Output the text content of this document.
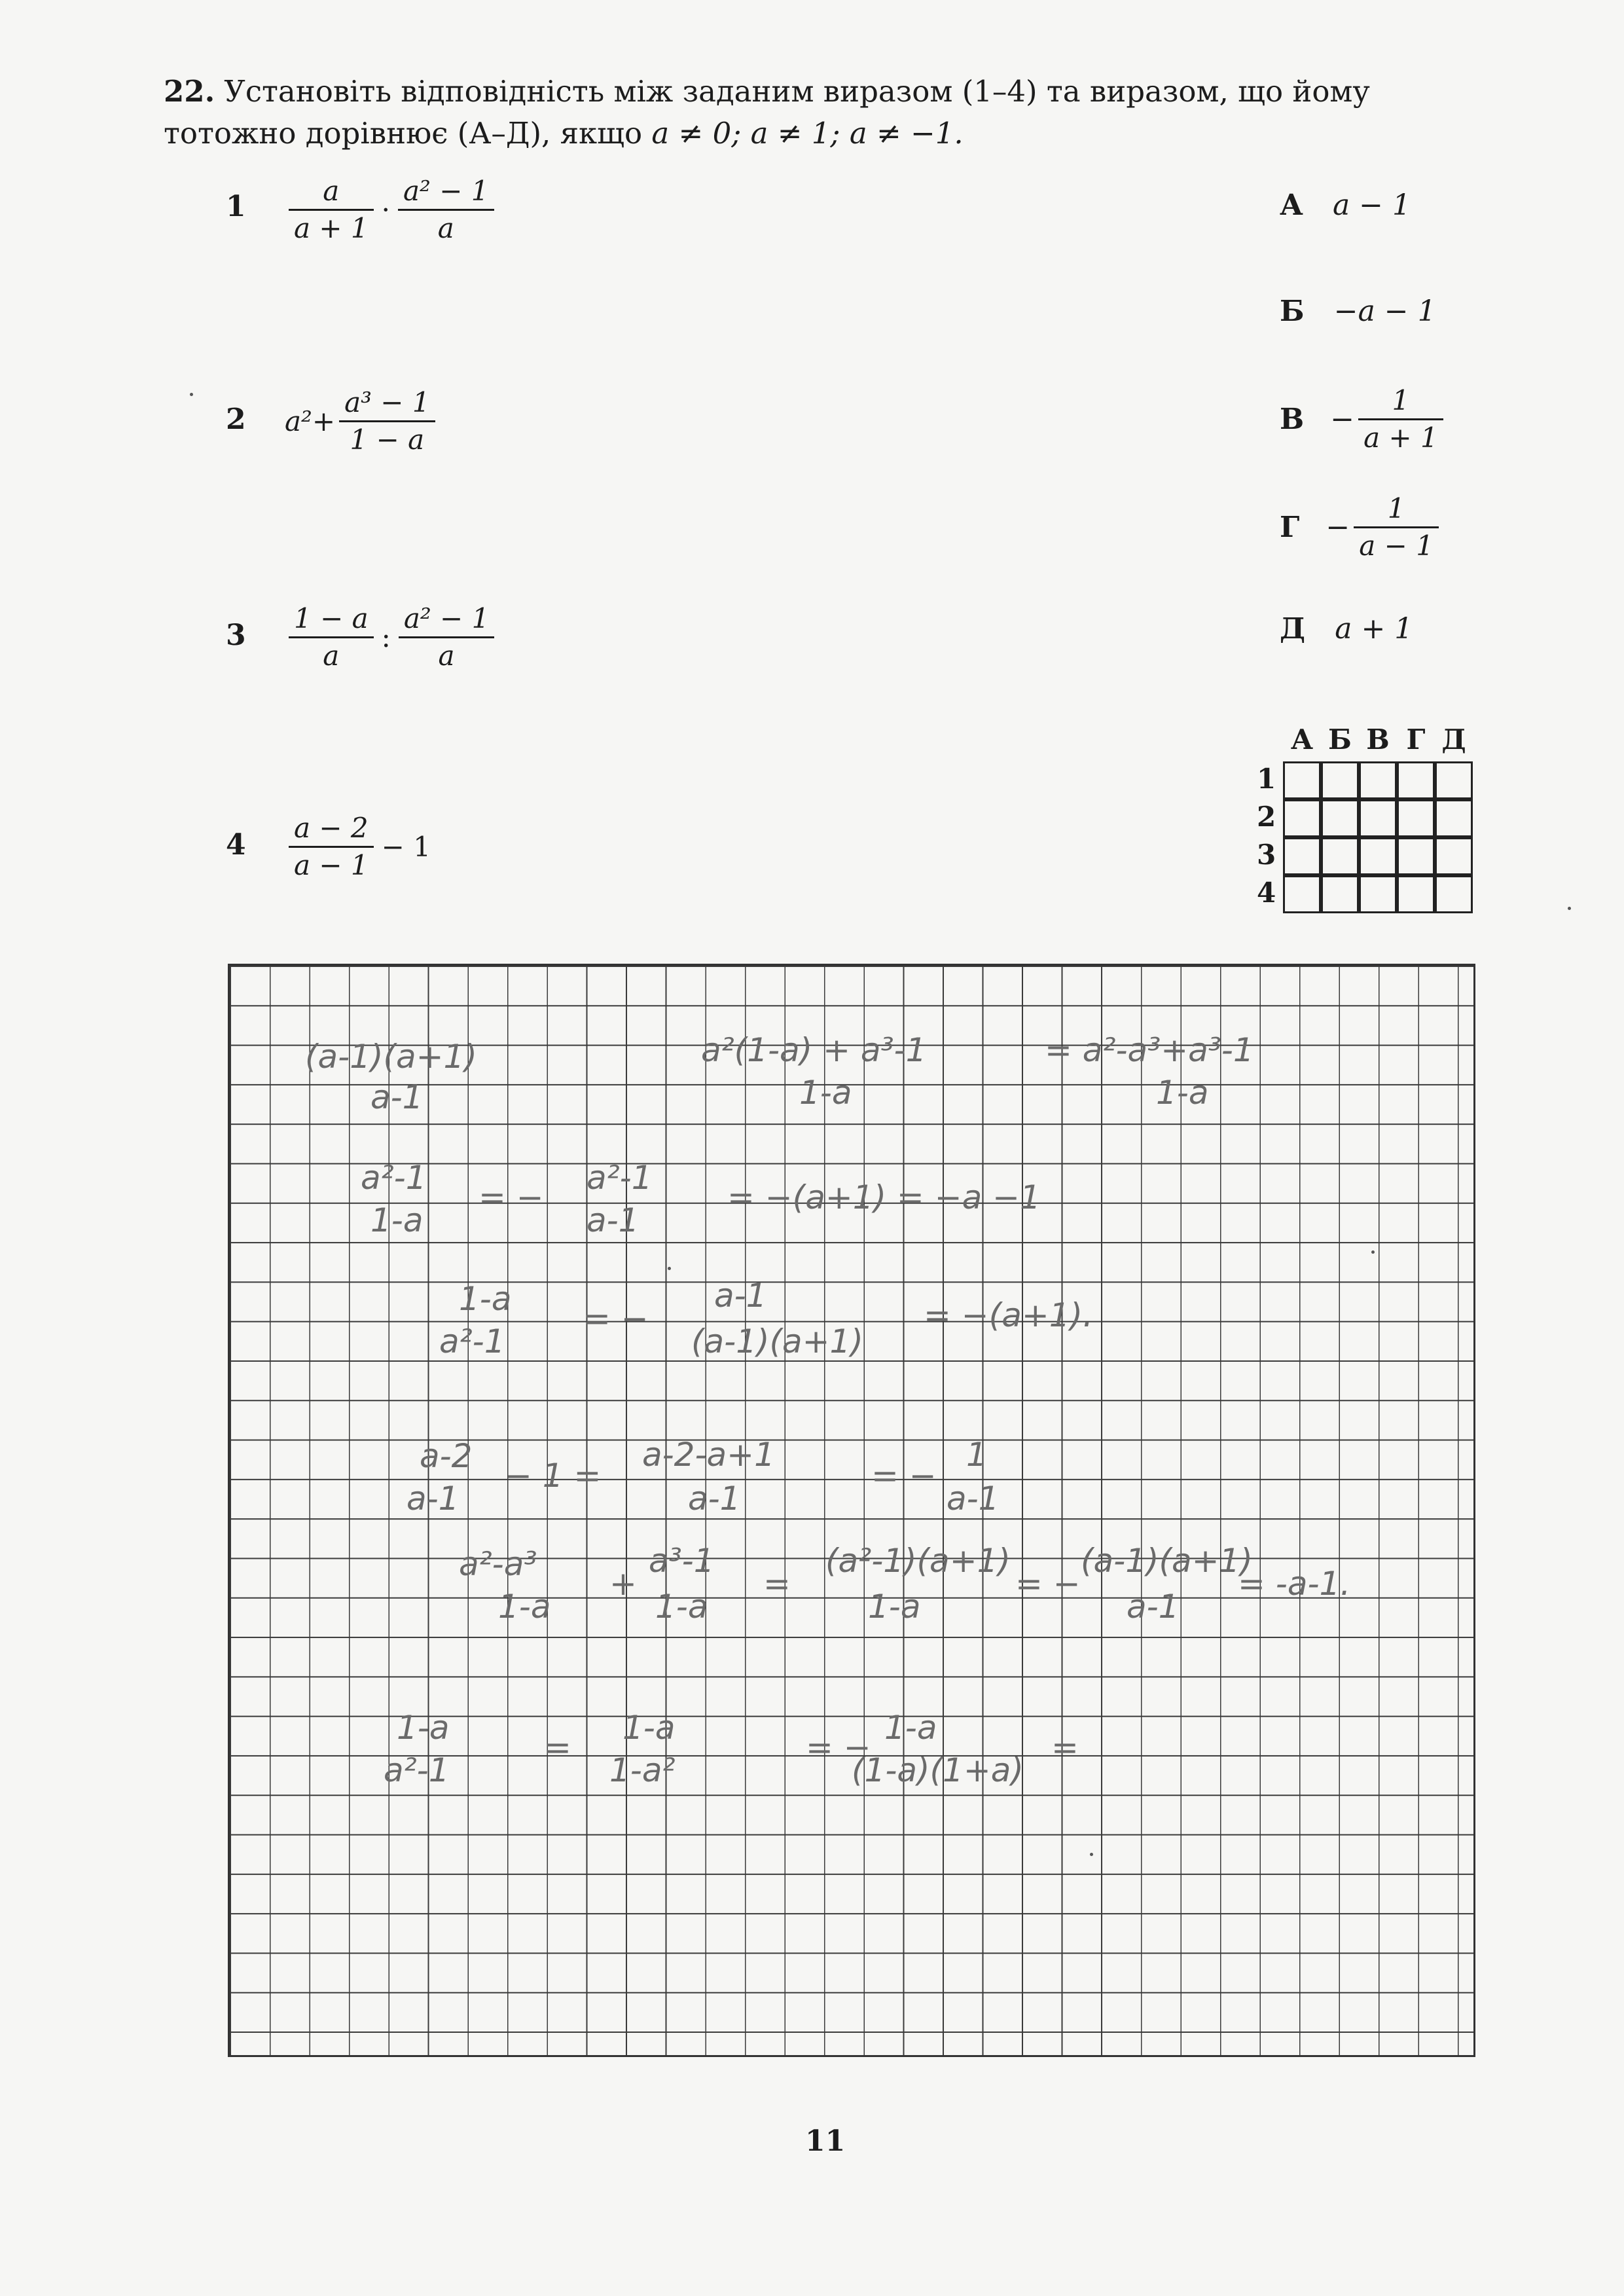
22. Установіть відповідність між заданим виразом (1–4) та виразом, що йому
тотожно дорівнює (А–Д), якщо a ≠ 0; a ≠ 1; a ≠ −1.
$1 \frac{a}{a + 1} \cdot \frac{\text{a² − 1}}{a}$
2 $a^2+ \frac{\text{a³ − 1}}{1 - a}$
$3 \frac{1 - a}{a}$ : $\frac{\text{a² − 1}}{a}$
$4 \frac{a - 2}{a - 1} - 1$
А a − 1
Б −a − 1
$В - \frac{1}{a + 1}$
$Г - \frac{1}{a - 1}$
Д a + 1
А Б В Г Д
1
2
3
4
(a-1)(a+1)
a-1
a²(1-a) + a³-1
1-a
= a²-a³+a³-1
1-a
a²-1
1-a
= −
a²-1
a-1
= −(a+1) = −a −1
1-a
a²-1
= −
a-1
(a-1)(a+1)
= −(a+1).
a-2
a-1
− 1 =
a-2-a+1
a-1
= −
1
a-1
a²-a³
1-a
+
a³-1
1-a
=
(a²-1)(a+1)
1-a
= −
(a-1)(a+1)
a-1
= -a-1.
1-a
a²-1
=
1-a
1-a²
= −
1-a
(1-a)(1+a)
=
11
